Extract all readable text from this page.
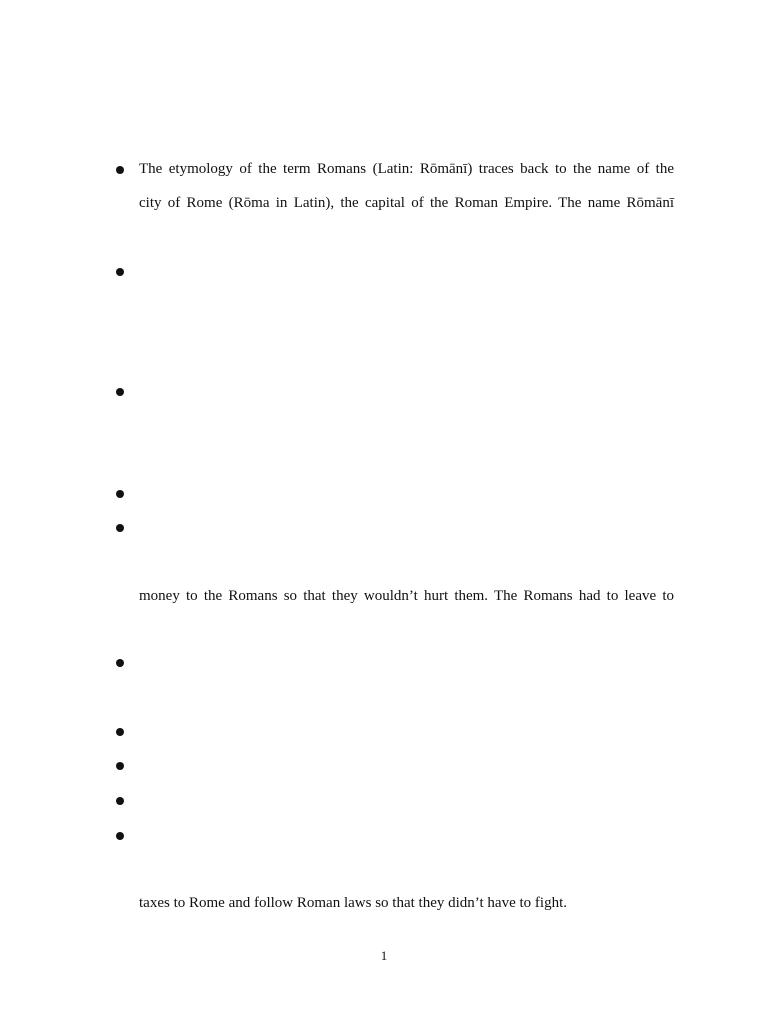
The etymology of the term Romans (Latin: Rōmānī) traces back to the name of the
city of Rome (Rōma in Latin), the capital of the Roman Empire. The name Rōmānī
money to the Romans so that they wouldn’t hurt them. The Romans had to leave to
taxes to Rome and follow Roman laws so that they didn’t have to fight.
1
